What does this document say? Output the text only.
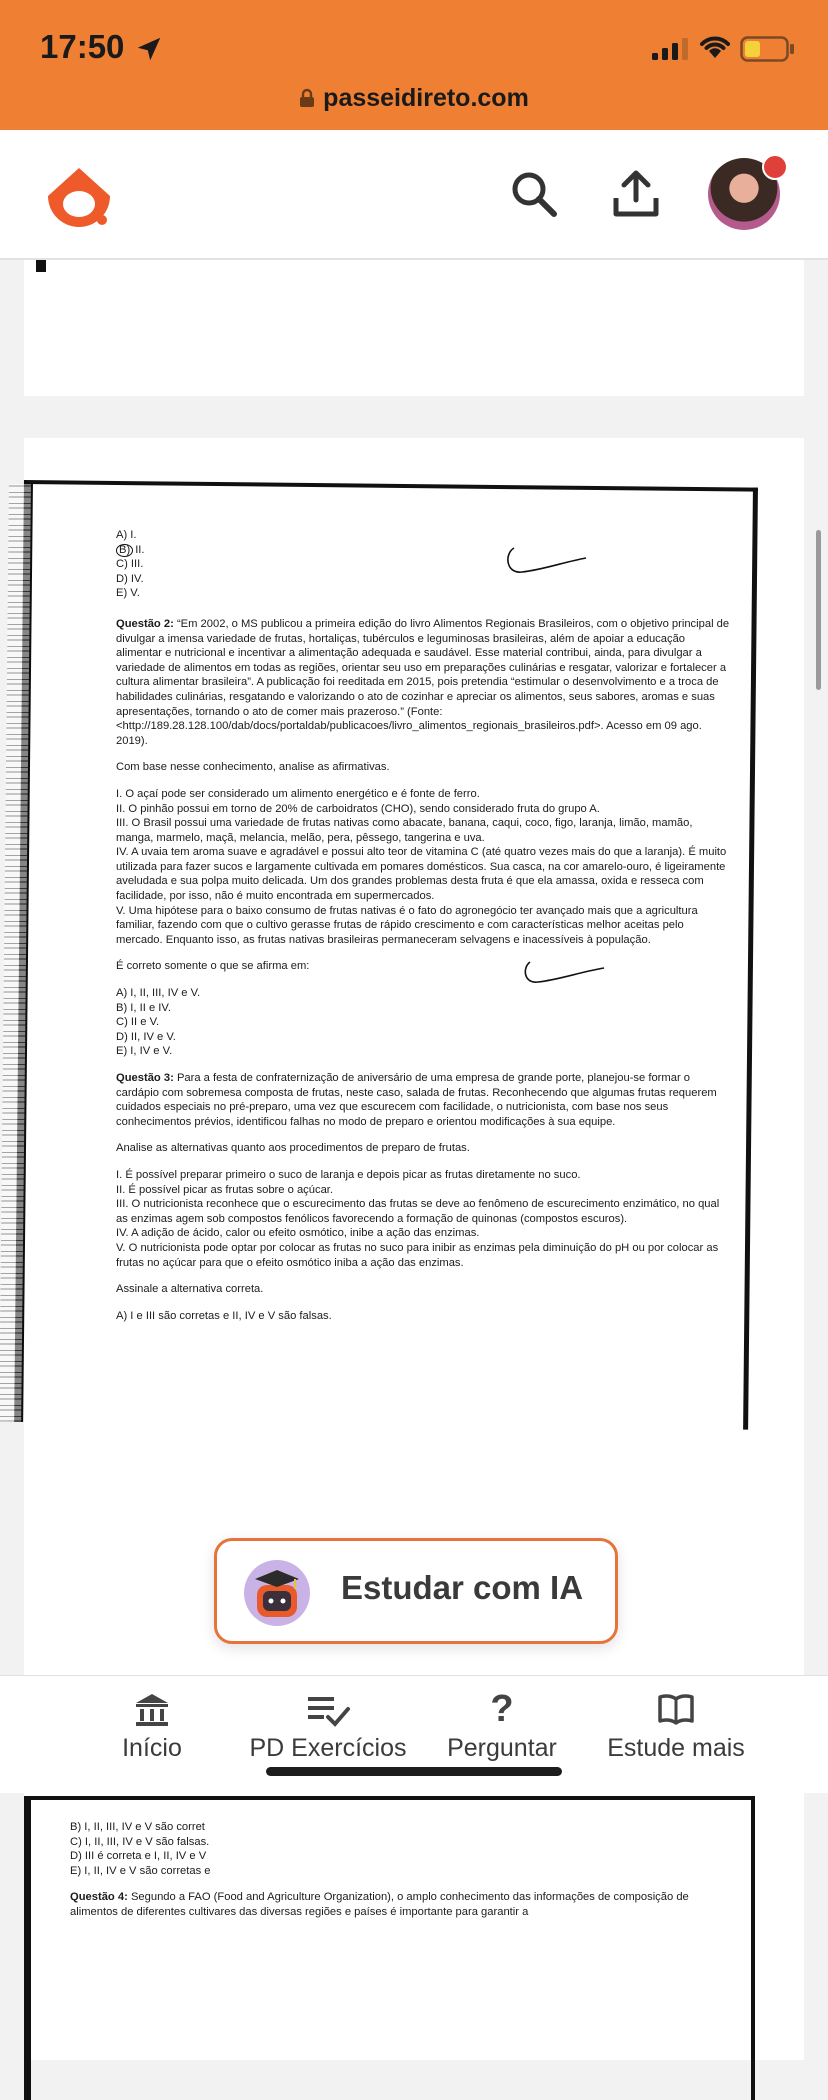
17:50
passeidireto.com

A) I.

B) II.

C) III.

D) IV.

E) V.

Questão 2: “Em 2002, o MS publicou a primeira edição do livro Alimentos Regionais Brasileiros, com o objetivo principal de divulgar a imensa variedade de frutas, hortaliças, tubérculos e leguminosas brasileiras, além de apoiar a educação alimentar e nutricional e incentivar a alimentação adequada e saudável. Esse material contribui, ainda, para divulgar a variedade de alimentos em todas as regiões, orientar seu uso em preparações culinárias e resgatar, valorizar e fortalecer a cultura alimentar brasileira”. A publicação foi reeditada em 2015, pois pretendia “estimular o desenvolvimento e a troca de habilidades culinárias, resgatando e valorizando o ato de cozinhar e apreciar os alimentos, seus sabores, aromas e suas apresentações, tornando o ato de comer mais prazeroso.” (Fonte: <http://189.28.128.100/dab/docs/portaldab/publicacoes/livro_alimentos_regionais_brasileiros.pdf>. Acesso em 09 ago. 2019).

Com base nesse conhecimento, analise as afirmativas.

I. O açaí pode ser considerado um alimento energético e é fonte de ferro.

II. O pinhão possui em torno de 20% de carboidratos (CHO), sendo considerado fruta do grupo A.

III. O Brasil possui uma variedade de frutas nativas como abacate, banana, caqui, coco, figo, laranja, limão, mamão, manga, marmelo, maçã, melancia, melão, pera, pêssego, tangerina e uva.

IV. A uvaia tem aroma suave e agradável e possui alto teor de vitamina C (até quatro vezes mais do que a laranja). É muito utilizada para fazer sucos e largamente cultivada em pomares domésticos. Sua casca, na cor amarelo-ouro, é ligeiramente aveludada e sua polpa muito delicada. Um dos grandes problemas desta fruta é que ela amassa, oxida e resseca com facilidade, por isso, não é muito encontrada em supermercados.

V. Uma hipótese para o baixo consumo de frutas nativas é o fato do agronegócio ter avançado mais que a agricultura familiar, fazendo com que o cultivo gerasse frutas de rápido crescimento e com características melhor aceitas pelo mercado. Enquanto isso, as frutas nativas brasileiras permaneceram selvagens e inacessíveis à população.

É correto somente o que se afirma em:

A) I, II, III, IV e V.

B) I, II e IV.

C) II e V.

D) II, IV e V.

E) I, IV e V.

Questão 3: Para a festa de confraternização de aniversário de uma empresa de grande porte, planejou-se formar o cardápio com sobremesa composta de frutas, neste caso, salada de frutas. Reconhecendo que algumas frutas requerem cuidados especiais no pré-preparo, uma vez que escurecem com facilidade, o nutricionista, com base nos seus conhecimentos prévios, identificou falhas no modo de preparo e orientou modificações à sua equipe.

Analise as alternativas quanto aos procedimentos de preparo de frutas.

I. É possível preparar primeiro o suco de laranja e depois picar as frutas diretamente no suco.

II. É possível picar as frutas sobre o açúcar.

III. O nutricionista reconhece que o escurecimento das frutas se deve ao fenômeno de escurecimento enzimático, no qual as enzimas agem sob compostos fenólicos favorecendo a formação de quinonas (compostos escuros).

IV. A adição de ácido, calor ou efeito osmótico, inibe a ação das enzimas.

V. O nutricionista pode optar por colocar as frutas no suco para inibir as enzimas pela diminuição do pH ou por colocar as frutas no açúcar para que o efeito osmótico iniba a ação das enzimas.

Assinale a alternativa correta.

A) I e III são corretas e II, IV e V são falsas.

B) I, II, III, IV e V são corret

C) I, II, III, IV e V são falsas.

D) III é correta e I, II, IV e V

E) I, II, IV e V são corretas e

Questão 4: Segundo a FAO (Food and Agriculture Organization), o amplo conhecimento das informações de composição de alimentos de diferentes cultivares das diversas regiões e países é importante para garantir a

Estudar com IA
Início	PD Exercícios
?
Perguntar Estude mais
